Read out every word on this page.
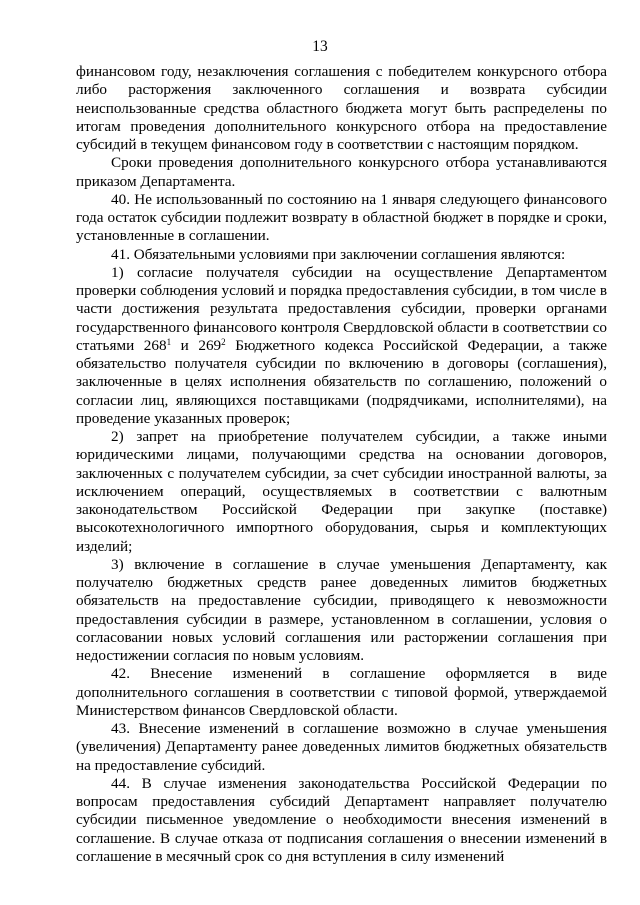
13

финансовом году, незаключения соглашения с победителем конкурсного отбора либо расторжения заключенного соглашения и возврата субсидии неиспользованные средства областного бюджета могут быть распределены по итогам проведения дополнительного конкурсного отбора на предоставление субсидий в текущем финансовом году в соответствии с настоящим порядком.

Сроки проведения дополнительного конкурсного отбора устанавливаются приказом Департамента.

40. Не использованный по состоянию на 1 января следующего финансового года остаток субсидии подлежит возврату в областной бюджет в порядке и сроки, установленные в соглашении.

41. Обязательными условиями при заключении соглашения являются:

1) согласие получателя субсидии на осуществление Департаментом проверки соблюдения условий и порядка предоставления субсидии, в том числе в части достижения результата предоставления субсидии, проверки органами государственного финансового контроля Свердловской области в соответствии со статьями $268^1$ и $269^2$ Бюджетного кодекса Российской Федерации, а также обязательство получателя субсидии по включению в договоры (соглашения), заключенные в целях исполнения обязательств по соглашению, положений о согласии лиц, являющихся поставщиками (подрядчиками, исполнителями), на проведение указанных проверок;

2) запрет на приобретение получателем субсидии, а также иными юридическими лицами, получающими средства на основании договоров, заключенных с получателем субсидии, за счет субсидии иностранной валюты, за исключением операций, осуществляемых в соответствии с валютным законодательством Российской Федерации при закупке (поставке) высокотехнологичного импортного оборудования, сырья и комплектующих изделий;

3) включение в соглашение в случае уменьшения Департаменту, как получателю бюджетных средств ранее доведенных лимитов бюджетных обязательств на предоставление субсидии, приводящего к невозможности предоставления субсидии в размере, установленном в соглашении, условия о согласовании новых условий соглашения или расторжении соглашения при недостижении согласия по новым условиям.

42. Внесение изменений в соглашение оформляется в виде дополнительного соглашения в соответствии с типовой формой, утверждаемой Министерством финансов Свердловской области.

43. Внесение изменений в соглашение возможно в случае уменьшения (увеличения) Департаменту ранее доведенных лимитов бюджетных обязательств на предоставление субсидий.

44. В случае изменения законодательства Российской Федерации по вопросам предоставления субсидий Департамент направляет получателю субсидии письменное уведомление о необходимости внесения изменений в соглашение. В случае отказа от подписания соглашения о внесении изменений в соглашение в месячный срок со дня вступления в силу изменений
